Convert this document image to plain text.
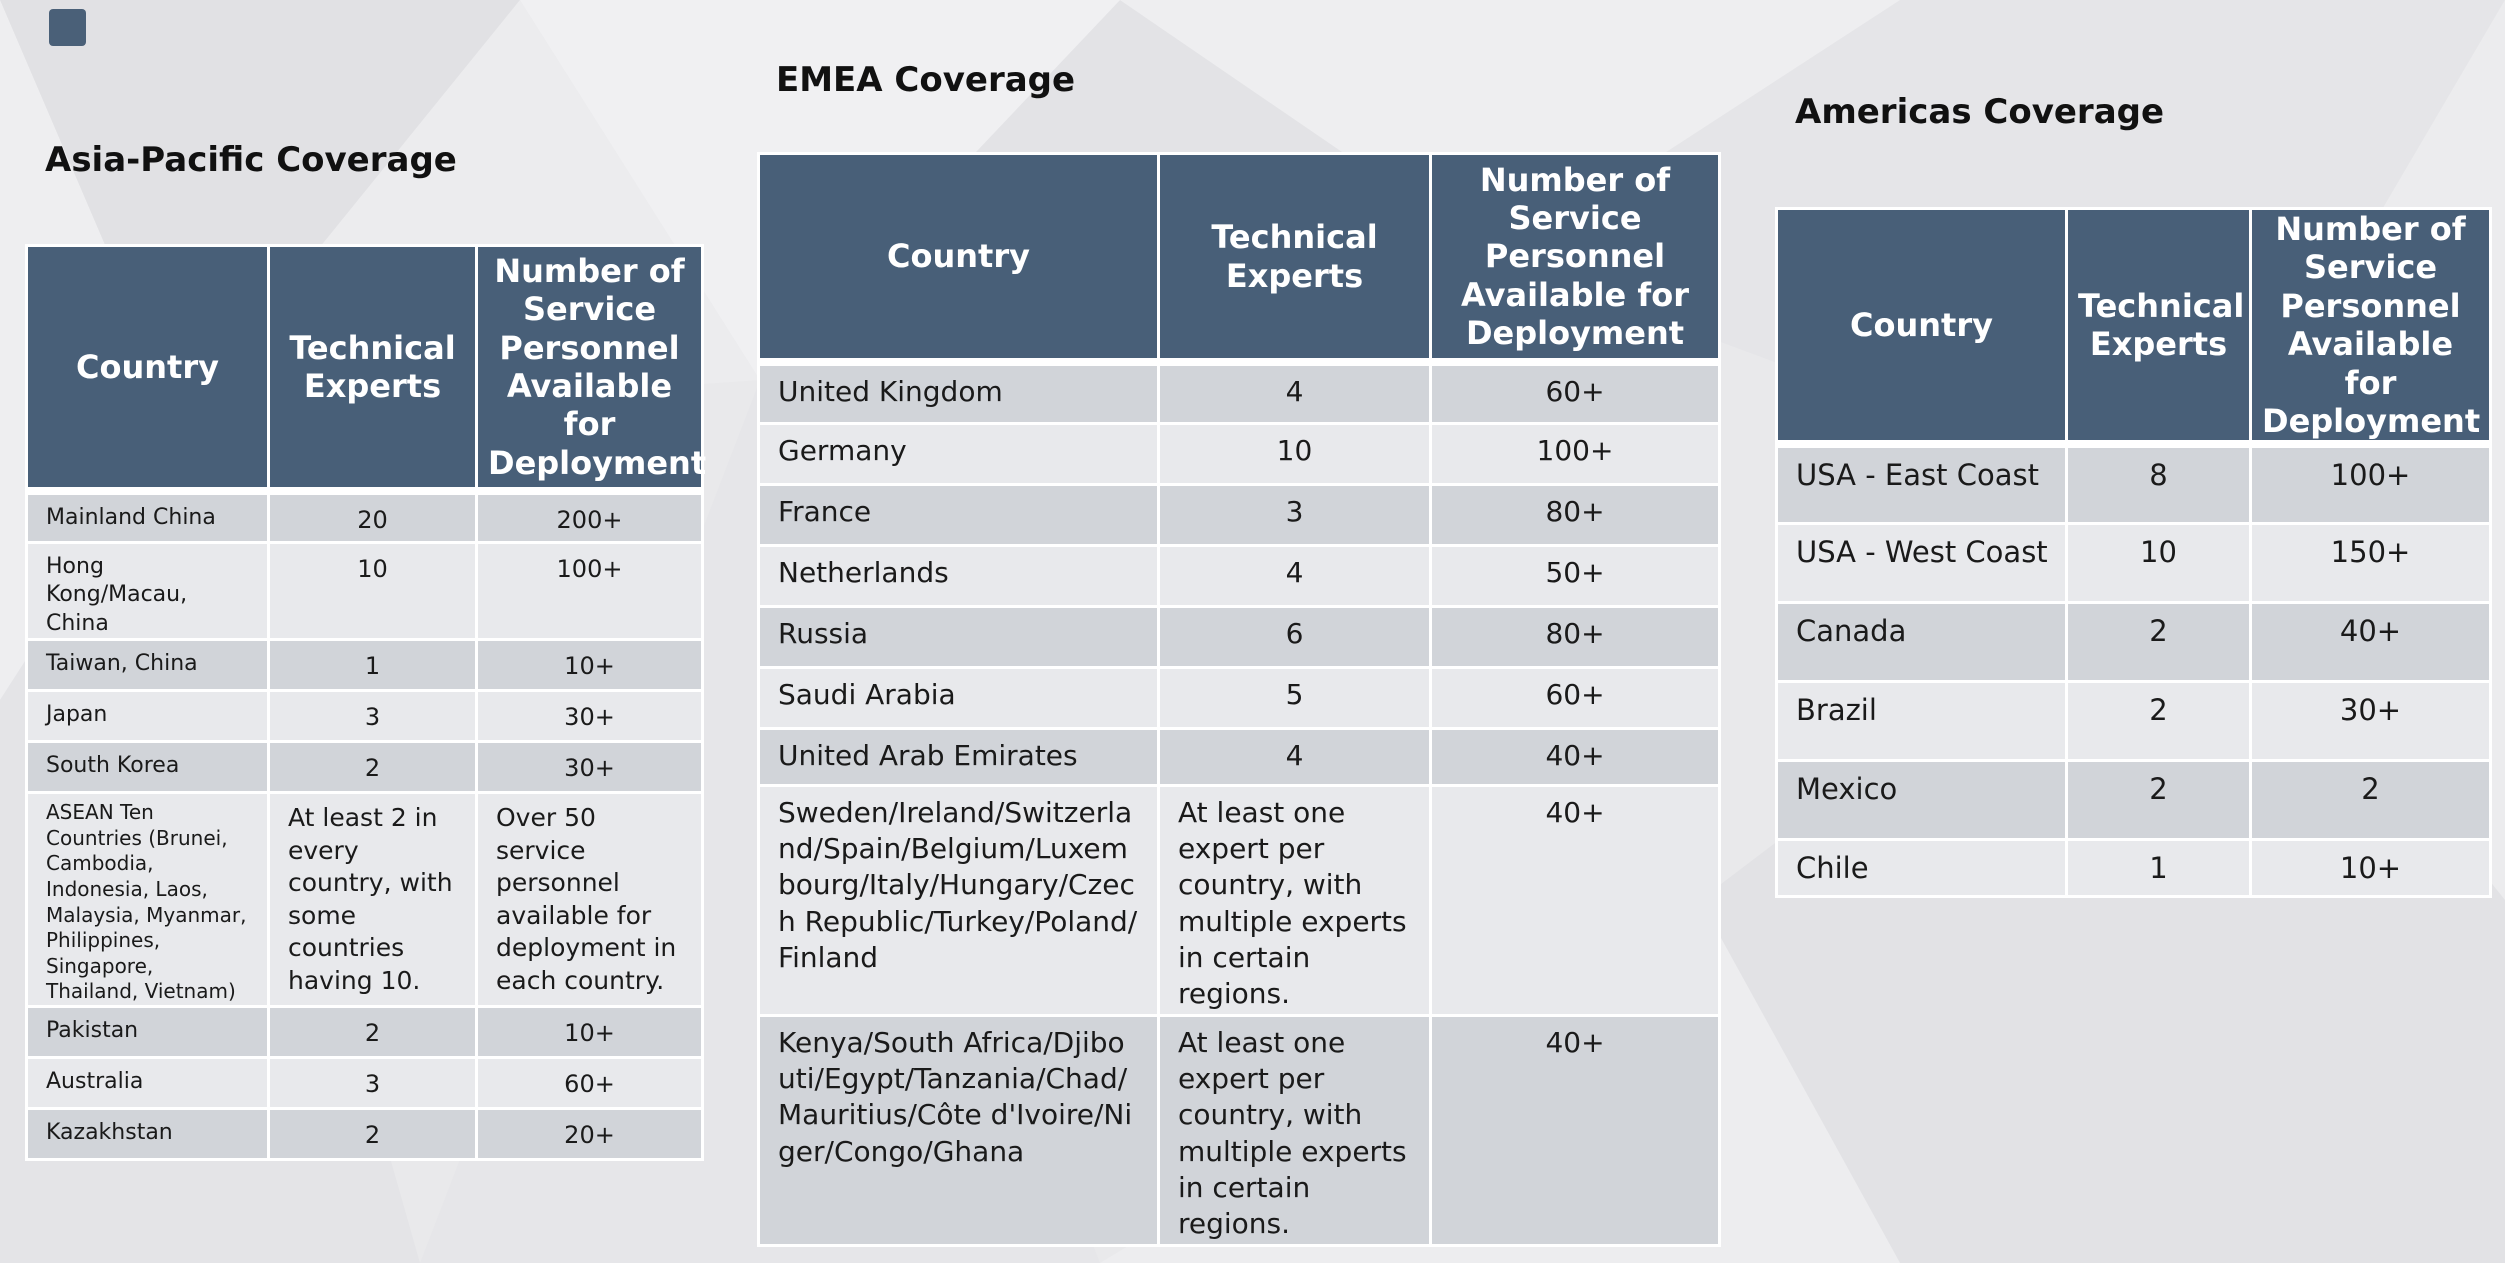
Asia-Pacific Coverage
Country	Technical Experts	Number of Service Personnel Available for Deployment
Mainland China	20	200+
Hong Kong/Macau, China	10	100+
Taiwan, China	1	10+
Japan	3	30+
South Korea	2	30+
ASEAN Ten Countries (Brunei, Cambodia, Indonesia, Laos, Malaysia, Myanmar, Philippines, Singapore, Thailand, Vietnam)	At least 2 in every country, with some countries having 10.	Over 50 service personnel available for deployment in each country.
Pakistan	2	10+
Australia	3	60+
Kazakhstan	2	20+
EMEA Coverage
Country	Technical Experts	Number of Service Personnel Available for Deployment
United Kingdom	4	60+
Germany	10	100+
France	3	80+
Netherlands	4	50+
Russia	6	80+
Saudi Arabia	5	60+
United Arab Emirates	4	40+
Sweden/Ireland/Switzerland/Spain/Belgium/Luxembourg/Italy/Hungary/Czech Republic/Turkey/Poland/Finland	At least one expert per country, with multiple experts in certain regions.	40+
Kenya/South Africa/Djibouti/Egypt/Tanzania/Chad/Mauritius/Côte d'Ivoire/Niger/Congo/Ghana	At least one expert per country, with multiple experts in certain regions.	40+
Americas Coverage
Country	Technical Experts	Number of Service Personnel Available for Deployment
USA - East Coast	8	100+
USA - West Coast	10	150+
Canada	2	40+
Brazil	2	30+
Mexico	2	2
Chile	1	10+
